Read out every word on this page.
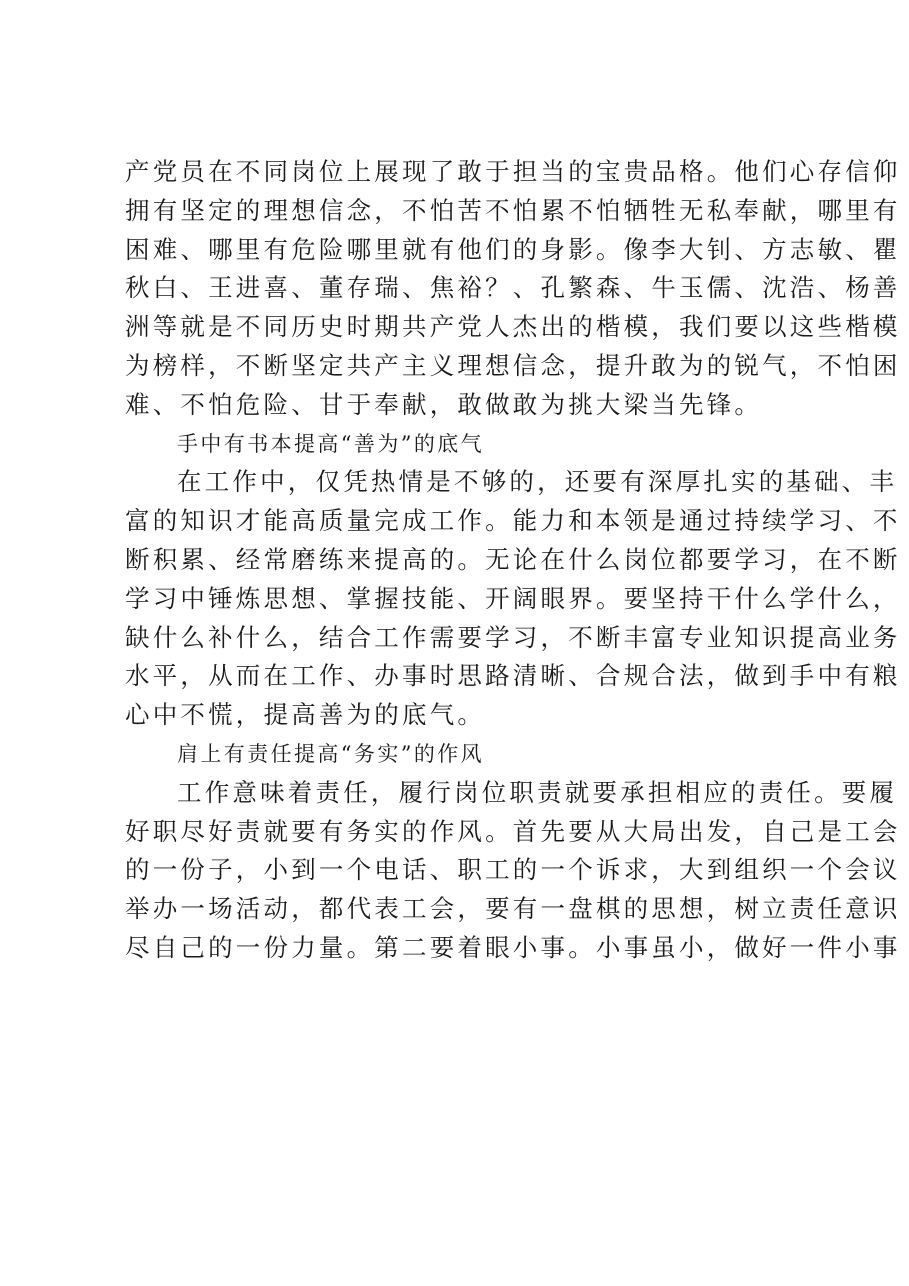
产党员在不同岗位上展现了敢于担当的宝贵品格。他们心存信仰
拥有坚定的理想信念，不怕苦不怕累不怕牺牲无私奉献，哪里有
困难、哪里有危险哪里就有他们的身影。像李大钊、方志敏、瞿
秋白、王进喜、董存瑞、焦裕？、孔繁森、牛玉儒、沈浩、杨善
洲等就是不同历史时期共产党人杰出的楷模，我们要以这些楷模
为榜样，不断坚定共产主义理想信念，提升敢为的锐气，不怕困
难、不怕危险、甘于奉献，敢做敢为挑大梁当先锋。
手中有书本提高“善为”的底气
在工作中，仅凭热情是不够的，还要有深厚扎实的基础、丰
富的知识才能高质量完成工作。能力和本领是通过持续学习、不
断积累、经常磨练来提高的。无论在什么岗位都要学习，在不断
学习中锤炼思想、掌握技能、开阔眼界。要坚持干什么学什么，
缺什么补什么，结合工作需要学习，不断丰富专业知识提高业务
水平，从而在工作、办事时思路清晰、合规合法，做到手中有粮
心中不慌，提高善为的底气。
肩上有责任提高“务实”的作风
工作意味着责任，履行岗位职责就要承担相应的责任。要履
好职尽好责就要有务实的作风。首先要从大局出发，自己是工会
的一份子，小到一个电话、职工的一个诉求，大到组织一个会议
举办一场活动，都代表工会，要有一盘棋的思想，树立责任意识
尽自己的一份力量。第二要着眼小事。小事虽小，做好一件小事
